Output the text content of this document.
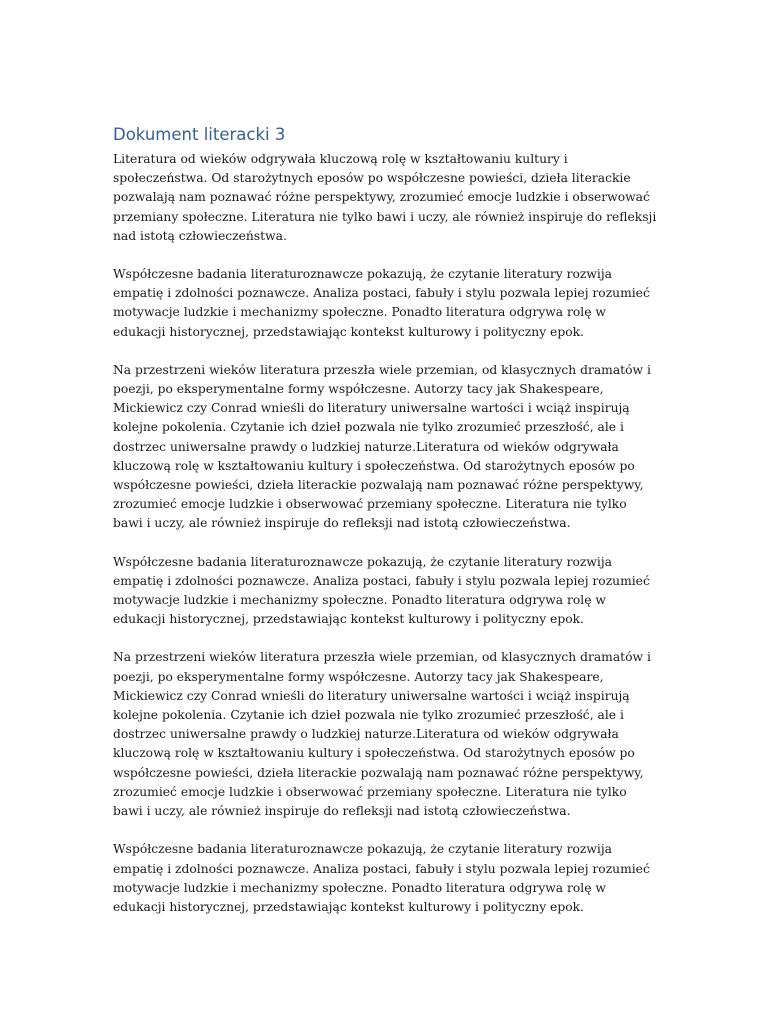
Dokument literacki 3

Literatura od wieków odgrywała kluczową rolę w kształtowaniu kultury i społeczeństwa. Od starożytnych eposów po współczesne powieści, dzieła literackie pozwalają nam poznawać różne perspektywy, zrozumieć emocje ludzkie i obserwować przemiany społeczne. Literatura nie tylko bawi i uczy, ale również inspiruje do refleksji nad istotą człowieczeństwa.

Współczesne badania literaturoznawcze pokazują, że czytanie literatury rozwija empatię i zdolności poznawcze. Analiza postaci, fabuły i stylu pozwala lepiej rozumieć motywacje ludzkie i mechanizmy społeczne. Ponadto literatura odgrywa rolę w edukacji historycznej, przedstawiając kontekst kulturowy i polityczny epok.

Na przestrzeni wieków literatura przeszła wiele przemian, od klasycznych dramatów i poezji, po eksperymentalne formy współczesne. Autorzy tacy jak Shakespeare, Mickiewicz czy Conrad wnieśli do literatury uniwersalne wartości i wciąż inspirują kolejne pokolenia. Czytanie ich dzieł pozwala nie tylko zrozumieć przeszłość, ale i dostrzec uniwersalne prawdy o ludzkiej naturze.Literatura od wieków odgrywała kluczową rolę w kształtowaniu kultury i społeczeństwa. Od starożytnych eposów po współczesne powieści, dzieła literackie pozwalają nam poznawać różne perspektywy, zrozumieć emocje ludzkie i obserwować przemiany społeczne. Literatura nie tylko bawi i uczy, ale również inspiruje do refleksji nad istotą człowieczeństwa.

Współczesne badania literaturoznawcze pokazują, że czytanie literatury rozwija empatię i zdolności poznawcze. Analiza postaci, fabuły i stylu pozwala lepiej rozumieć motywacje ludzkie i mechanizmy społeczne. Ponadto literatura odgrywa rolę w edukacji historycznej, przedstawiając kontekst kulturowy i polityczny epok.

Na przestrzeni wieków literatura przeszła wiele przemian, od klasycznych dramatów i poezji, po eksperymentalne formy współczesne. Autorzy tacy jak Shakespeare, Mickiewicz czy Conrad wnieśli do literatury uniwersalne wartości i wciąż inspirują kolejne pokolenia. Czytanie ich dzieł pozwala nie tylko zrozumieć przeszłość, ale i dostrzec uniwersalne prawdy o ludzkiej naturze.Literatura od wieków odgrywała kluczową rolę w kształtowaniu kultury i społeczeństwa. Od starożytnych eposów po współczesne powieści, dzieła literackie pozwalają nam poznawać różne perspektywy, zrozumieć emocje ludzkie i obserwować przemiany społeczne. Literatura nie tylko bawi i uczy, ale również inspiruje do refleksji nad istotą człowieczeństwa.

Współczesne badania literaturoznawcze pokazują, że czytanie literatury rozwija empatię i zdolności poznawcze. Analiza postaci, fabuły i stylu pozwala lepiej rozumieć motywacje ludzkie i mechanizmy społeczne. Ponadto literatura odgrywa rolę w edukacji historycznej, przedstawiając kontekst kulturowy i polityczny epok.
